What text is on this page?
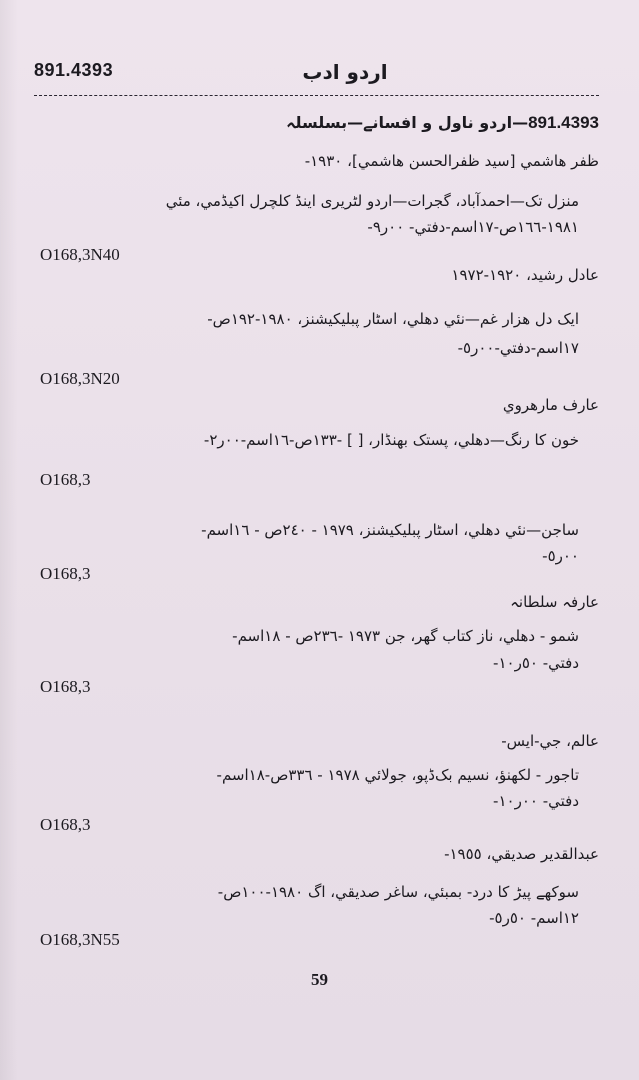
891.4393	اردو ادب
891.4393—اردو ناول و افسانے—بسلسلہ
ظفر هاشمي [سيد ظفرالحسن هاشمي]، ١٩٣٠-
منزل تک—احمدآباد، گجرات—اردو لٹریری اینڈ کلچرل اکیڈمي، مئي
١٩٨١-١٦٦ص-١٧اسم-دفتي- ٠٠ر٩-
O168,3N40
عادل رشيد، ١٩٢٠-١٩٧٢
ایک دل هزار غم—نئي دهلي، اسٹار پبليکيشنز، ١٩٨٠-١٩٢ص-
١٧اسم-دفتي-٠٠ر٥-
O168,3N20
عارف مارهروي
خون کا رنگ—دهلي، پستک بهنڈار، [ ] -١٣٣ص-١٦اسم-٠٠ر٢-
O168,3
ساجن—نئي دهلي، اسٹار پبليکيشنز، ١٩٧٩ - ٢٤٠ص - ١٦اسم-
٠٠ر٥-
O168,3
عارفہ سلطانہ
شمو - دهلي، ناز کتاب گهر، جن ١٩٧٣ -٢٣٦ص - ١٨اسم-
دفتي- ٥٠ر١٠-
O168,3
عالم، جي-ايس-
تاجور - لکهنؤ، نسيم بک‌ڈپو، جولائي ١٩٧٨ - ٣٣٦ص-١٨اسم-
دفتي- ٠٠ر١٠-
O168,3
عبدالقدير صديقي، ١٩٥٥-
سوکهے پیڑ کا درد- بمبئي، ساغر صديقي، اگ ١٩٨٠-١٠٠ص-
١٢اسم- ٥٠ر٥-
O168,3N55
59
